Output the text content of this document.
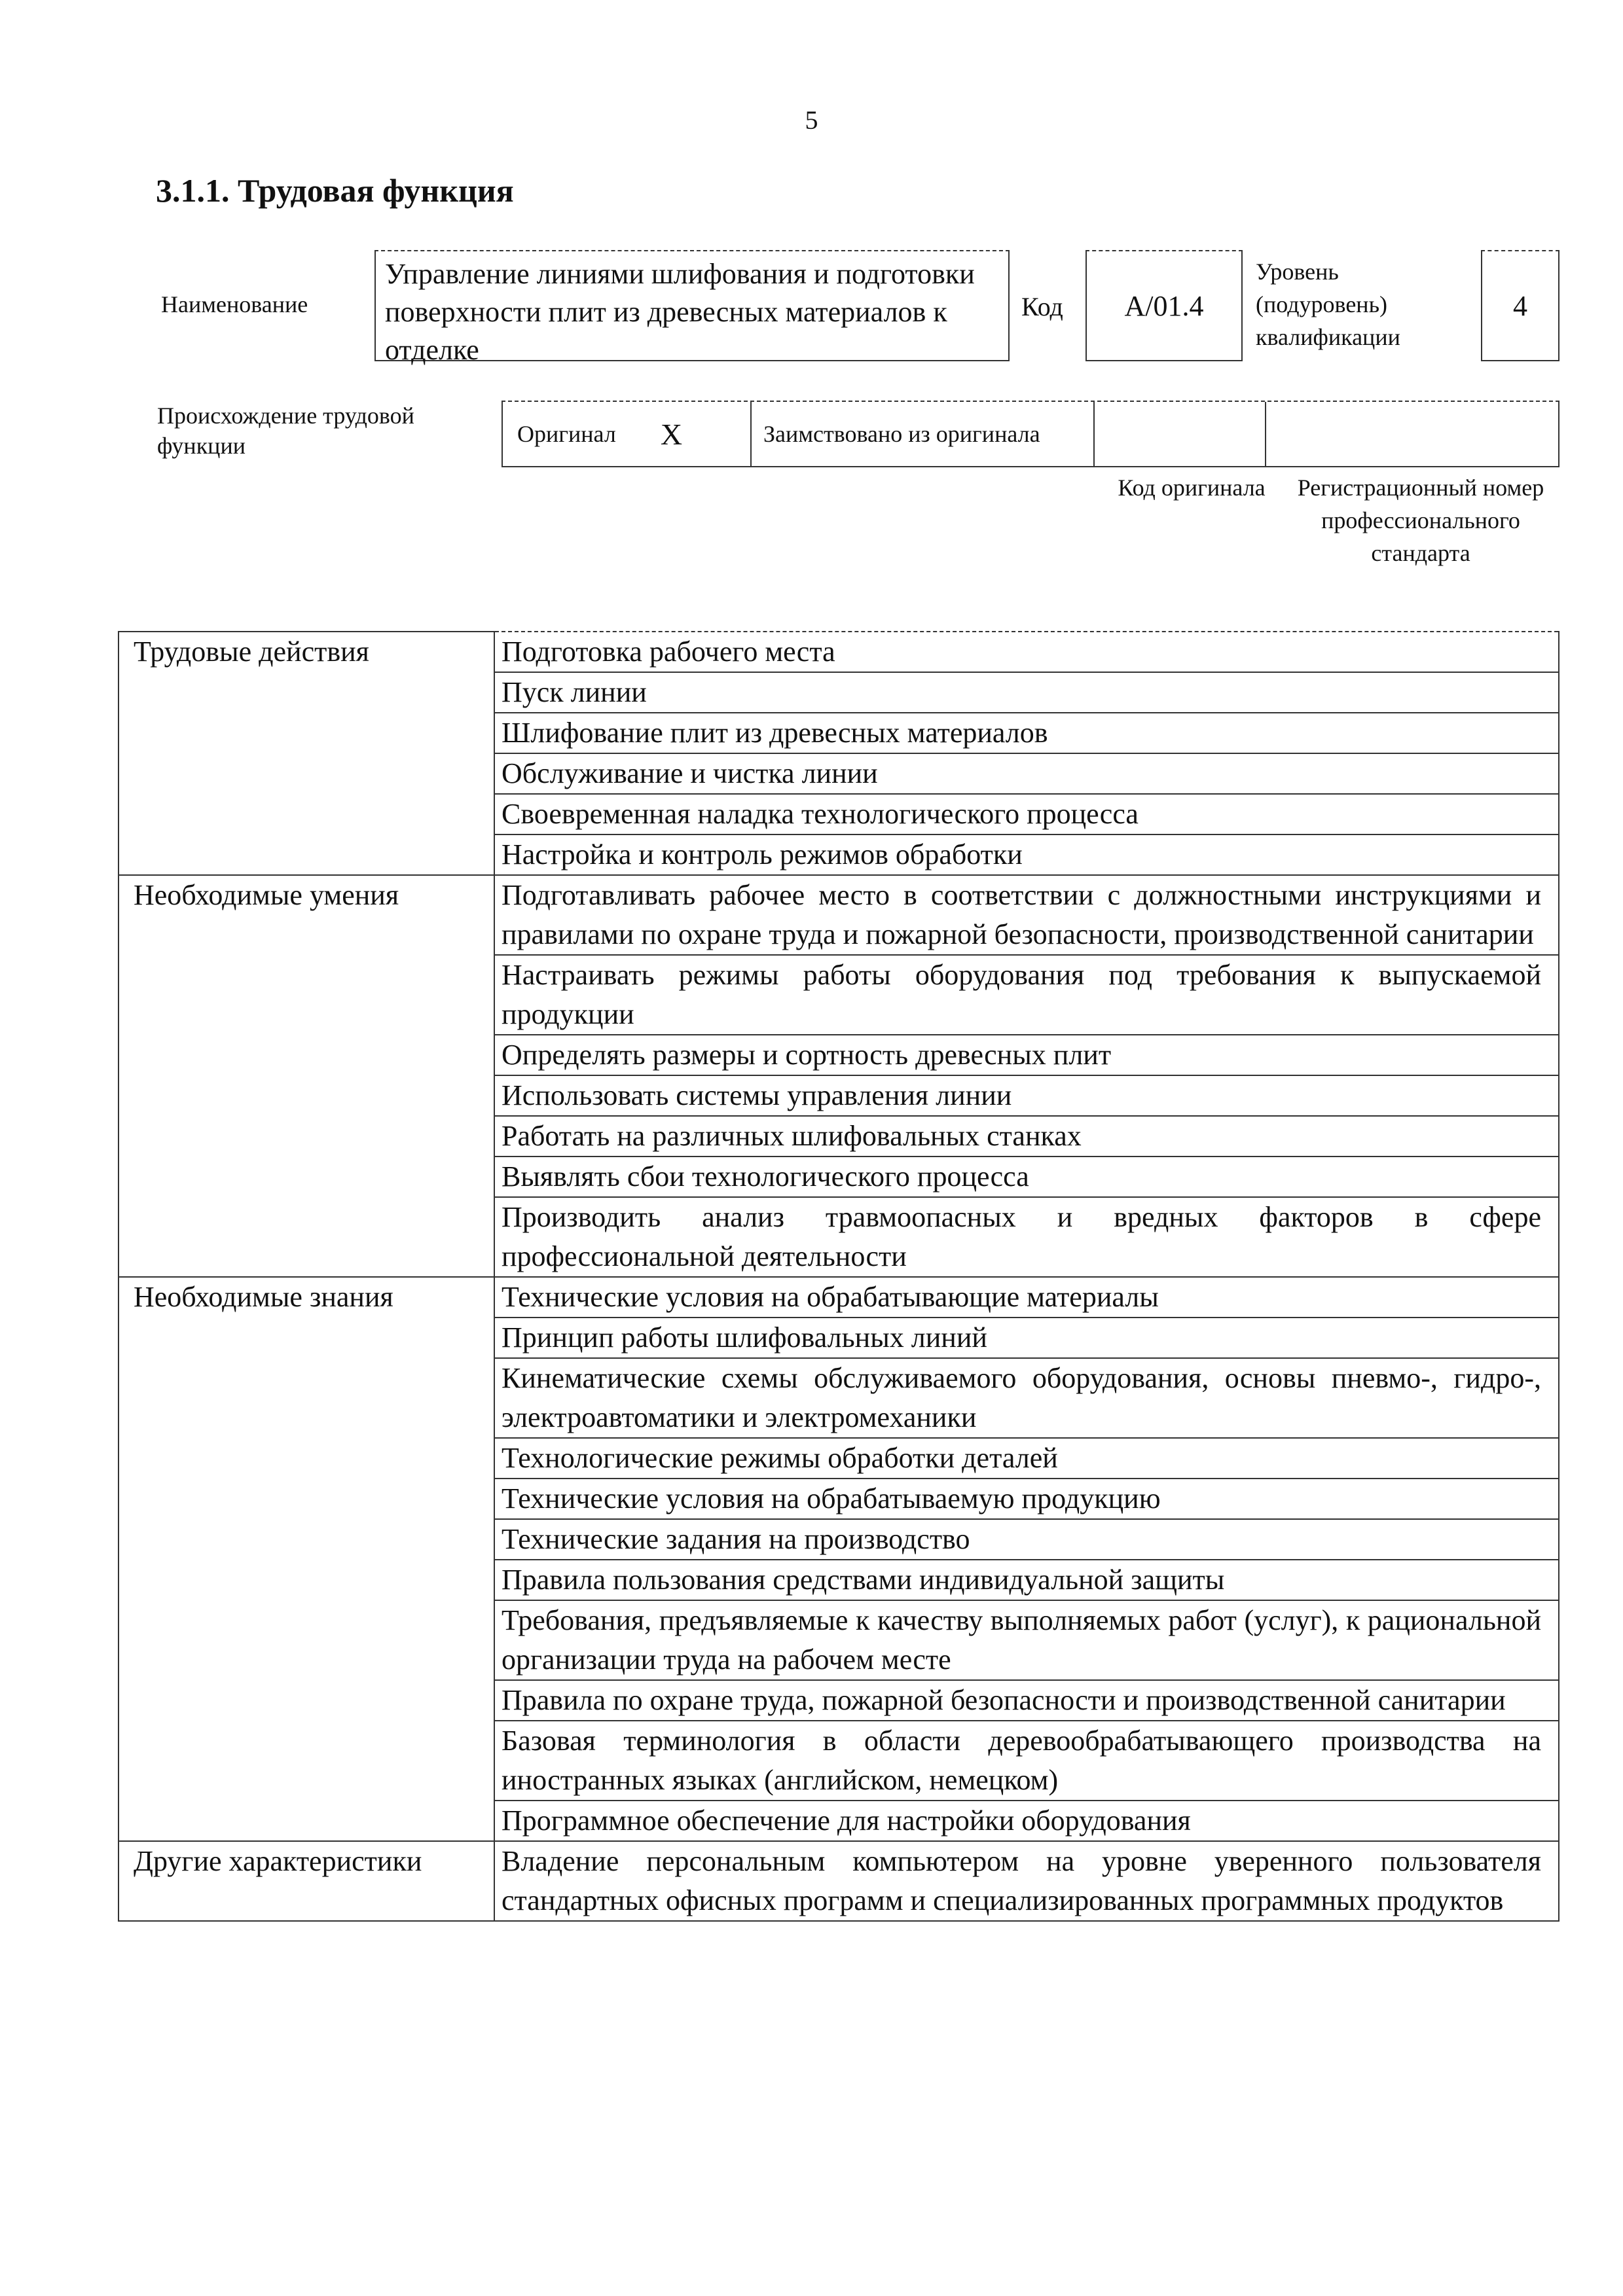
5
3.1.1. Трудовая функция
Наименование
Управление линиями шлифования и подготовки поверхности плит из древесных материалов к отделке
Код	А/01.4
Уровень
(подуровень)
квалификации
4
Происхождение трудовой функции	Оригинал X	Заимствовано из оригинала
Код оригинала	Регистрационный номер профессионального стандарта
Трудовые действия	Подготовка рабочего места
	Пуск линии
	Шлифование плит из древесных материалов
	Обслуживание и чистка линии
	Своевременная наладка технологического процесса
	Настройка и контроль режимов обработки
Необходимые умения	Подготавливать рабочее место в соответствии с должностными инструкциями и правилами по охране труда и пожарной безопасности, производственной санитарии
	Настраивать режимы работы оборудования под требования к выпускаемой продукции
	Определять размеры и сортность древесных плит
	Использовать системы управления линии
	Работать на различных шлифовальных станках
	Выявлять сбои технологического процесса
	Производить анализ травмоопасных и вредных факторов в сфере профессиональной деятельности
Необходимые знания	Технические условия на обрабатывающие материалы
	Принцип работы шлифовальных линий
	Кинематические схемы обслуживаемого оборудования, основы пневмо-, гидро-, электроавтоматики и электромеханики
	Технологические режимы обработки деталей
	Технические условия на обрабатываемую продукцию
	Технические задания на производство
	Правила пользования средствами индивидуальной защиты
	Требования, предъявляемые к качеству выполняемых работ (услуг), к рациональной организации труда на рабочем месте
	Правила по охране труда, пожарной безопасности и производственной санитарии
	Базовая терминология в области деревообрабатывающего производства на иностранных языках (английском, немецком)
	Программное обеспечение для настройки оборудования
Другие характеристики	Владение персональным компьютером на уровне уверенного пользователя стандартных офисных программ и специализированных программных продуктов
